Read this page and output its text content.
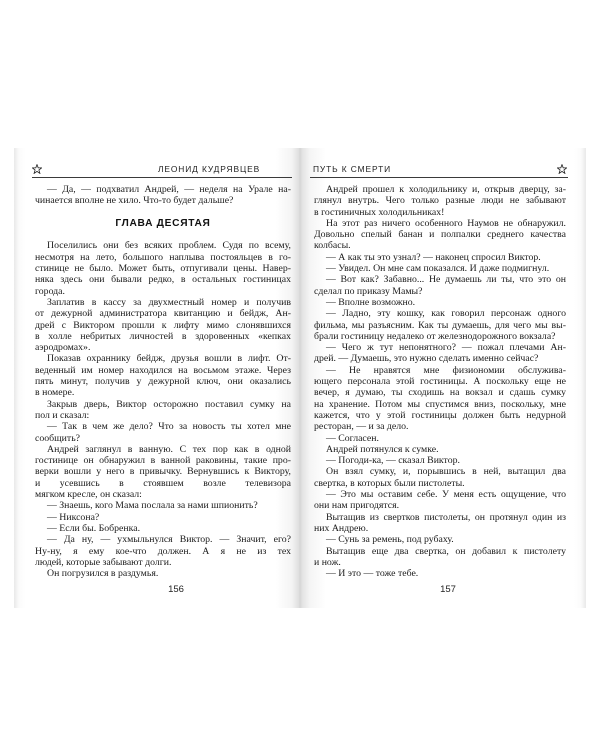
ЛЕОНИД КУДРЯВЦЕВ	ПУТЬ К СМЕРТИ
— Да, — подхватил Андрей, — неделя на Урале на-
чинается вполне не хило. Что-то будет дальше?
ГЛАВА ДЕСЯТАЯ
Поселились они без всяких проблем. Судя по всему,
несмотря на лето, большого наплыва постояльцев в го-
стинице не было. Может быть, отпугивали цены. Навер-
няка здесь они бывали редко, в остальных гостиницах
города.
Заплатив в кассу за двухместный номер и получив
от дежурной администратора квитанцию и бейдж, Ан-
дрей с Виктором прошли к лифту мимо слонявшихся
в холле небритых личностей в здоровенных «кепках
аэродромах».
Показав охраннику бейдж, друзья вошли в лифт. От-
веденный им номер находился на восьмом этаже. Через
пять минут, получив у дежурной ключ, они оказались
в номере.
Закрыв дверь, Виктор осторожно поставил сумку на
пол и сказал:
— Так в чем же дело? Что за новость ты хотел мне
сообщить?
Андрей заглянул в ванную. С тех пор как в одной
гостинице он обнаружил в ванной раковины, такие про-
верки вошли у него в привычку. Вернувшись к Виктору,
и усевшись в стоявшем возле телевизора
мягком кресле, он сказал:
— Знаешь, кого Мама послала за нами шпионить?
— Никсона?
— Если бы. Бобренка.
— Да ну, — ухмыльнулся Виктор. — Значит, его?
Ну-ну, я ему кое-что должен. А я не из тех
людей, которые забывают долги.
Он погрузился в раздумья.
Андрей прошел к холодильнику и, открыв дверцу, за-
глянул внутрь. Чего только разные люди не забывают
в гостиничных холодильниках!
На этот раз ничего особенного Наумов не обнаружил.
Довольно спелый банан и полпалки среднего качества
колбасы.
— А как ты это узнал? — наконец спросил Виктор.
— Увидел. Он мне сам показался. И даже подмигнул.
— Вот как? Забавно... Не думаешь ли ты, что это он
сделал по приказу Мамы?
— Вполне возможно.
— Ладно, эту кошку, как говорил персонаж одного
фильма, мы разъясним. Как ты думаешь, для чего мы вы-
брали гостиницу недалеко от железнодорожного вокзала?
— Чего ж тут непонятного? — пожал плечами Ан-
дрей. — Думаешь, это нужно сделать именно сейчас?
— Не нравятся мне физиономии обслужива-
ющего персонала этой гостиницы. А поскольку еще не
вечер, я думаю, ты сходишь на вокзал и сдашь сумку
на хранение. Потом мы спустимся вниз, поскольку, мне
кажется, что у этой гостиницы должен быть недурной
ресторан, — и за дело.
— Согласен.
Андрей потянулся к сумке.
— Погоди-ка, — сказал Виктор.
Он взял сумку, и, порывшись в ней, вытащил два
свертка, в которых были пистолеты.
— Это мы оставим себе. У меня есть ощущение, что
они нам пригодятся.
Вытащив из свертков пистолеты, он протянул один из
них Андрею.
— Сунь за ремень, под рубаху.
Вытащив еще два свертка, он добавил к пистолету
и нож.
— И это — тоже тебе.
156	157
